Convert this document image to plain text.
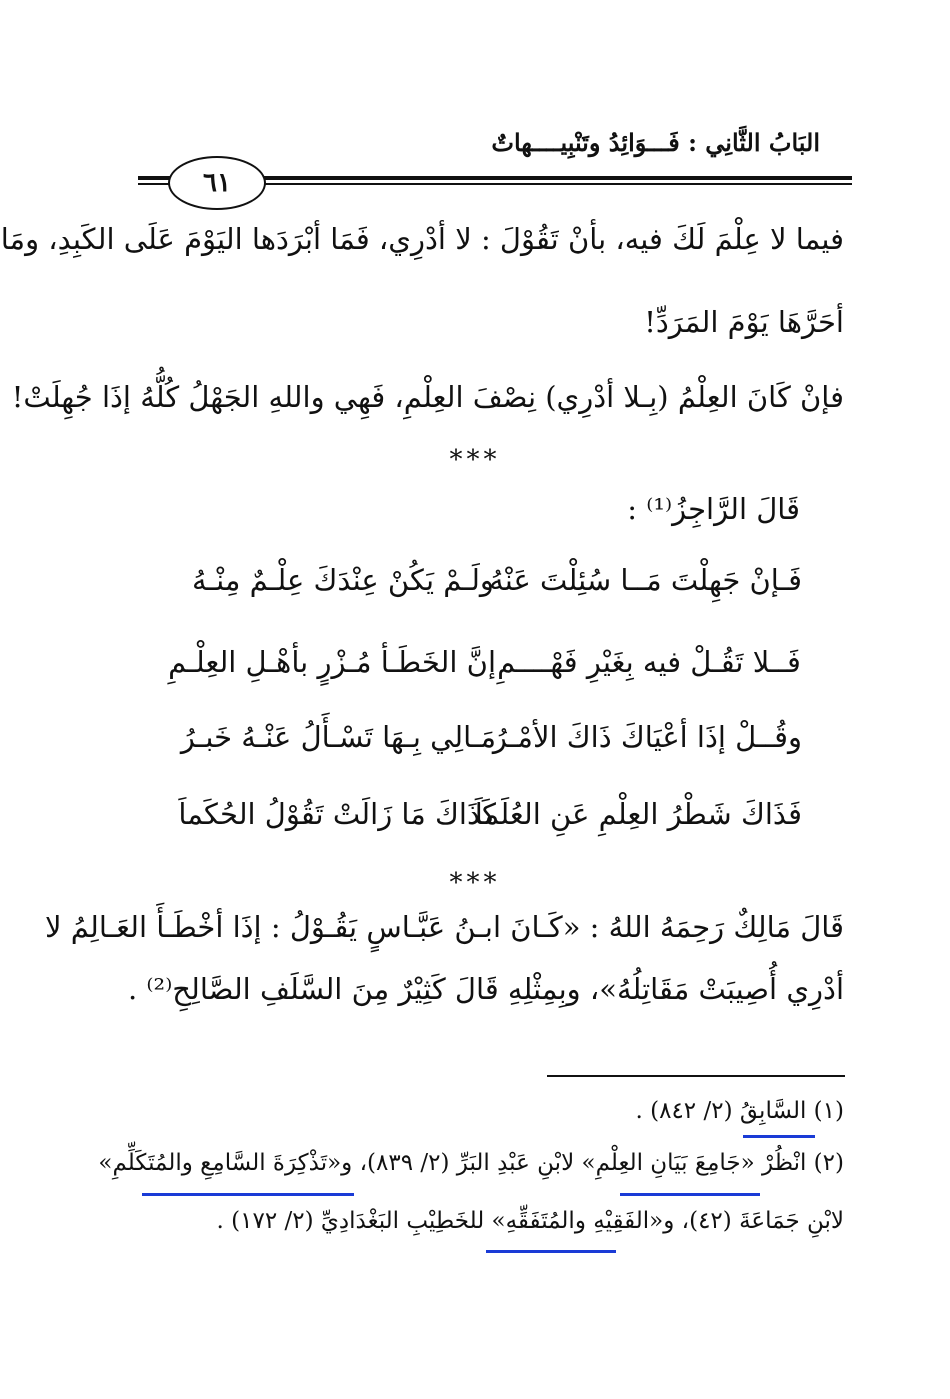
البَابُ الثَّانِي : فَـــوَائِدُ وتَنْبِيــــهاتٌ
٦١
فيما لا عِلْمَ لَكَ فيه، بأنْ تَقُوْلَ : لا أدْرِي، فَمَا أبْرَدَها اليَوْمَ عَلَى الكَبِدِ، ومَا
أحَرَّهَا يَوْمَ المَرَدِّ!
فإنْ كَانَ العِلْمُ (بِـلا أدْرِي) نِصْفَ العِلْمِ، فَهِي واللهِ الجَهْلُ كُلُّهُ إذَا جُهِلَتْ!
***
قَالَ الرَّاجِزُ⁽¹⁾ :
فَـإنْ جَهِلْتَ مَــا سُئِلْتَ عَنْهُ
ولَـمْ يَكُنْ عِنْدَكَ عِلْـمٌ مِنْـهُ
فَــلا تَقُـلْ فيه بِغَيْرِ فَهْــــمِ
إنَّ الخَطَـأ مُـزْرٍ بأهْـلِ العِلْـمِ
وقُــلْ إذَا أعْيَاكَ ذَاكَ الأمْـرُ
مَـالِي بِـهَا تَسْـأَلُ عَنْـهُ خَبـرُ
فَذَاكَ شَطْرُ العِلْمِ عَنِ العُلَماَ
كَذَاكَ مَا زَالَتْ تَقُوْلُ الحُكَماَ
***
قَالَ مَالِكٌ رَحِمَهُ اللهُ : «كَـانَ ابـنُ عَبَّـاسٍ يَقُـوْلُ : إذَا أخْطَـأَ العَـالِمُ لا
أدْرِي أُصِيبَتْ مَقَاتِلُهُ»، وبِمِثْلِهِ قَالَ كَثِيْرٌ مِنَ السَّلَفِ الصَّالِحِ⁽²⁾ .
(١) السَّابِقُ (٢/ ٨٤٢) .
(٢) انْظُرْ «جَامِعَ بَيَانِ العِلْمِ» لابْنِ عَبْدِ البَرِّ (٢/ ٨٣٩)، و«تَذْكِرَةَ السَّامِعِ والمُتَكَلِّمِ»
لابْنِ جَمَاعَةَ (٤٢)، و«الفَقِيْهِ والمُتَفَقِّهِ» للخَطِيْبِ البَغْدَادِيِّ (٢/ ١٧٢) .
